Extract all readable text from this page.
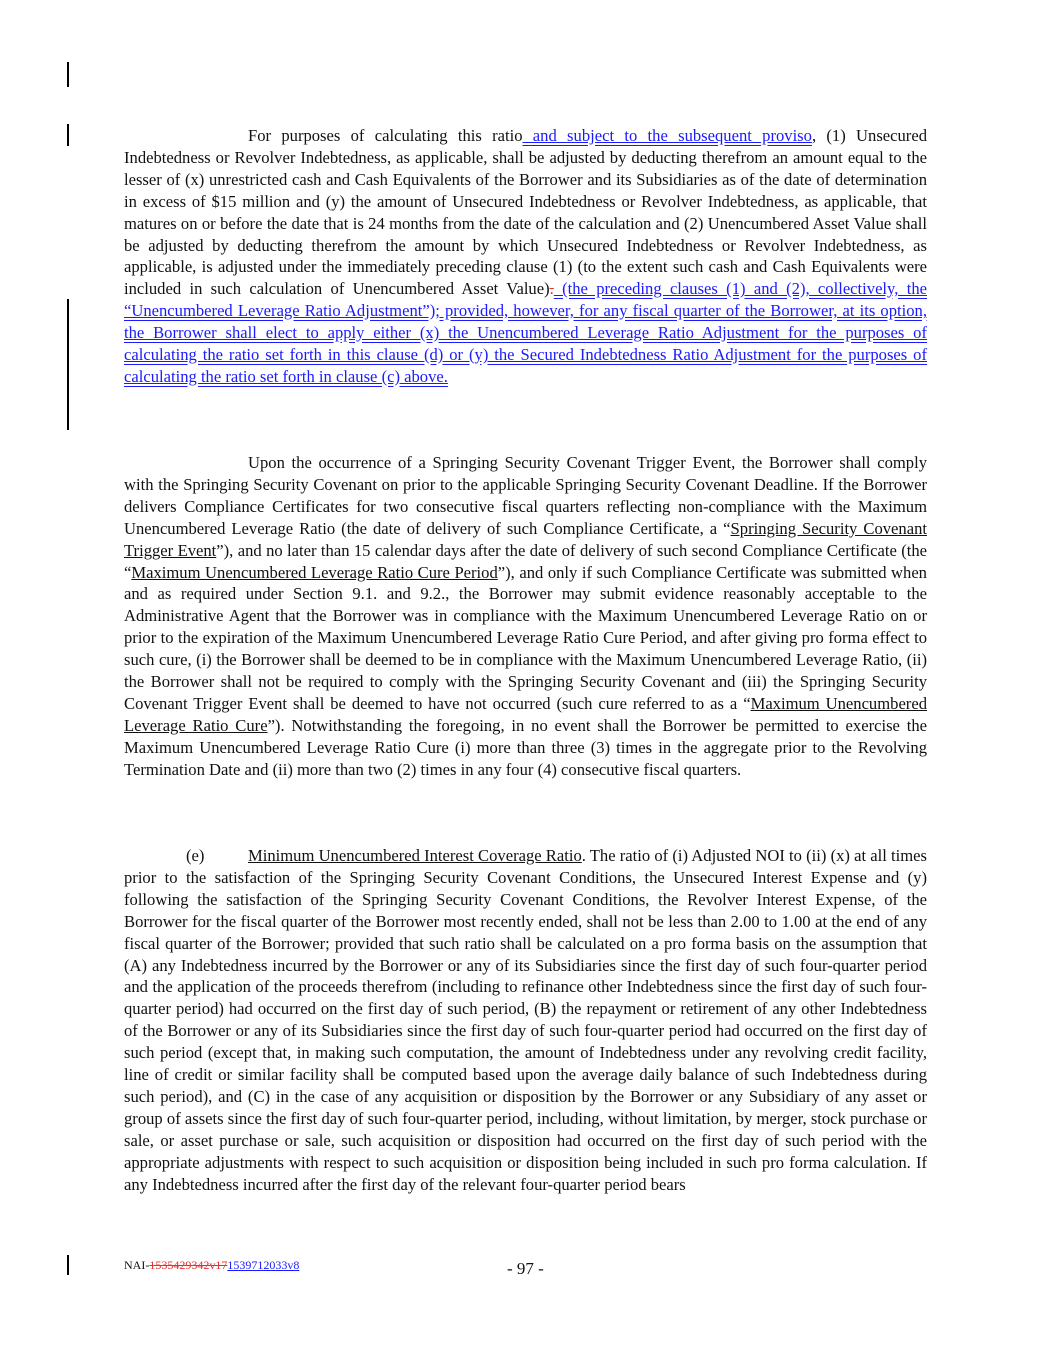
For purposes of calculating this ratio and subject to the subsequent proviso, (1) Unsecured Indebtedness or Revolver Indebtedness, as applicable, shall be adjusted by deducting therefrom an amount equal to the lesser of (x) unrestricted cash and Cash Equivalents of the Borrower and its Subsidiaries as of the date of determination in excess of $15 million and (y) the amount of Unsecured Indebtedness or Revolver Indebtedness, as applicable, that matures on or before the date that is 24 months from the date of the calculation and (2) Unencumbered Asset Value shall be adjusted by deducting therefrom the amount by which Unsecured Indebtedness or Revolver Indebtedness, as applicable, is adjusted under the immediately preceding clause (1) (to the extent such cash and Cash Equivalents were included in such calculation of Unencumbered Asset Value). (the preceding clauses (1) and (2), collectively, the “Unencumbered Leverage Ratio Adjustment”); provided, however, for any fiscal quarter of the Borrower, at its option, the Borrower shall elect to apply either (x) the Unencumbered Leverage Ratio Adjustment for the purposes of calculating the ratio set forth in this clause (d) or (y) the Secured Indebtedness Ratio Adjustment for the purposes of calculating the ratio set forth in clause (c) above.
Upon the occurrence of a Springing Security Covenant Trigger Event, the Borrower shall comply with the Springing Security Covenant on prior to the applicable Springing Security Covenant Deadline. If the Borrower delivers Compliance Certificates for two consecutive fiscal quarters reflecting non-compliance with the Maximum Unencumbered Leverage Ratio (the date of delivery of such Compliance Certificate, a “Springing Security Covenant Trigger Event”), and no later than 15 calendar days after the date of delivery of such second Compliance Certificate (the “Maximum Unencumbered Leverage Ratio Cure Period”), and only if such Compliance Certificate was submitted when and as required under Section 9.1. and 9.2., the Borrower may submit evidence reasonably acceptable to the Administrative Agent that the Borrower was in compliance with the Maximum Unencumbered Leverage Ratio on or prior to the expiration of the Maximum Unencumbered Leverage Ratio Cure Period, and after giving pro forma effect to such cure, (i) the Borrower shall be deemed to be in compliance with the Maximum Unencumbered Leverage Ratio, (ii) the Borrower shall not be required to comply with the Springing Security Covenant and (iii) the Springing Security Covenant Trigger Event shall be deemed to have not occurred (such cure referred to as a “Maximum Unencumbered Leverage Ratio Cure”). Notwithstanding the foregoing, in no event shall the Borrower be permitted to exercise the Maximum Unencumbered Leverage Ratio Cure (i) more than three (3) times in the aggregate prior to the Revolving Termination Date and (ii) more than two (2) times in any four (4) consecutive fiscal quarters.
(e)	Minimum Unencumbered Interest Coverage Ratio. The ratio of (i) Adjusted NOI to (ii) (x) at all times prior to the satisfaction of the Springing Security Covenant Conditions, the Unsecured Interest Expense and (y) following the satisfaction of the Springing Security Covenant Conditions, the Revolver Interest Expense, of the Borrower for the fiscal quarter of the Borrower most recently ended, shall not be less than 2.00 to 1.00 at the end of any fiscal quarter of the Borrower; provided that such ratio shall be calculated on a pro forma basis on the assumption that (A) any Indebtedness incurred by the Borrower or any of its Subsidiaries since the first day of such four-quarter period and the application of the proceeds therefrom (including to refinance other Indebtedness since the first day of such four-quarter period) had occurred on the first day of such period, (B) the repayment or retirement of any other Indebtedness of the Borrower or any of its Subsidiaries since the first day of such four-quarter period had occurred on the first day of such period (except that, in making such computation, the amount of Indebtedness under any revolving credit facility, line of credit or similar facility shall be computed based upon the average daily balance of such Indebtedness during such period), and (C) in the case of any acquisition or disposition by the Borrower or any Subsidiary of any asset or group of assets since the first day of such four-quarter period, including, without limitation, by merger, stock purchase or sale, or asset purchase or sale, such acquisition or disposition had occurred on the first day of such period with the appropriate adjustments with respect to such acquisition or disposition being included in such pro forma calculation. If any Indebtedness incurred after the first day of the relevant four-quarter period bears
NAI-1535429342v171539712033v8	- 97 -
